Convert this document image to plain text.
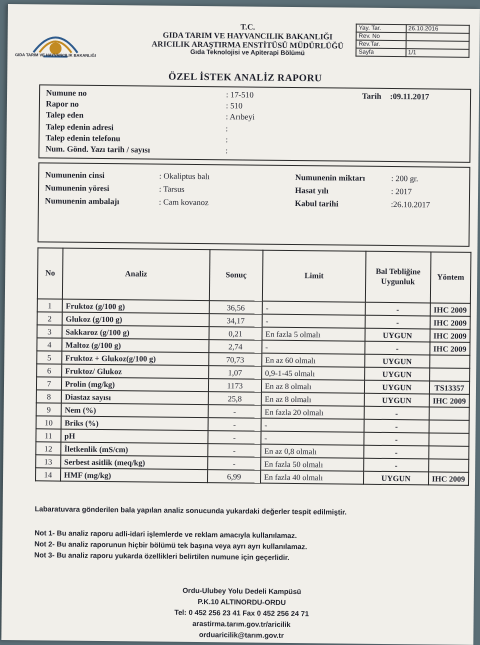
GIDA TARIM VE HAYVANCILIK BAKANLIĞI
T.C.
GIDA TARIM VE HAYVANCILIK BAKANLIĞI
ARICILIK ARAŞTIRMA ENSTİTÜSÜ MÜDÜRLÜĞÜ
Gıda Teknolojisi ve Apiterapi Bölümü
Yay. Tar.	26.10.2016
Rev. No	
Rev.Tar.	
Sayfa	1/1
ÖZEL İSTEK ANALİZ RAPORU
Numune no	: 17-510	Tarih :09.11.2017
Rapor no	: 510
Talep eden	: Arıbeyi
Talep edenin adresi	:
Talep edenin telefonu	:
Num. Gönd. Yazı tarih / sayısı	:
Numunenin cinsi	: Okaliptus balı
Numunenin yöresi	: Tarsus
Numunenin ambalajı	: Cam kovanoz
Numunenin miktarı	: 200 gr.
Hasat yılı	: 2017
Kabul tarihi	:26.10.2017
No	Analiz	Sonuç	Limit	Bal Tebliğine Uygunluk	Yöntem
1	Fruktoz (g/100 g)	36,56	-	-	IHC 2009
2	Glukoz (g/100 g)	34,17	-	-	IHC 2009
3	Sakkaroz (g/100 g)	0,21	En fazla 5 olmalı	UYGUN	IHC 2009
4	Maltoz (g/100 g)	2,74	-	-	IHC 2009
5	Fruktoz + Glukoz(g/100 g)	70,73	En az 60 olmalı	UYGUN	
6	Fruktoz/ Glukoz	1,07	0,9-1-45 olmalı	UYGUN	
7	Prolin (mg/kg)	1173	En az 8 olmalı	UYGUN	TS13357
8	Diastaz sayısı	25,8	En az 8 olmalı	UYGUN	IHC 2009
9	Nem (%)	-	En fazla 20 olmalı	-	
10	Briks (%)	-	-	-	
11	pH	-	-	-	
12	İletkenlik (mS/cm)	-	En az 0,8 olmalı	-	
13	Serbest asitlik (meq/kg)	-	En fazla 50 olmalı	-	
14	HMF (mg/kg)	6,99	En fazla 40 olmalı	UYGUN	IHC 2009
Labaratuvara gönderilen bala yapılan analiz sonucunda yukardaki değerler tespit edilmiştir.
Not 1- Bu analiz raporu adli-idari işlemlerde ve reklam amacıyla kullanılamaz.
Not 2- Bu analiz raporunun hiçbir bölümü tek başına veya ayrı ayrı kullanılamaz.
Not 3- Bu analiz raporu yukarda özellikleri belirtilen numune için geçerlidir.
Ordu-Ulubey Yolu Dedeli Kampüsü
P.K.10 ALTINORDU-ORDU
Tel: 0 452 256 23 41 Fax 0 452 256 24 71
arastirma.tarım.gov.tr/aricilik
orduaricilik@tarım.gov.tr
